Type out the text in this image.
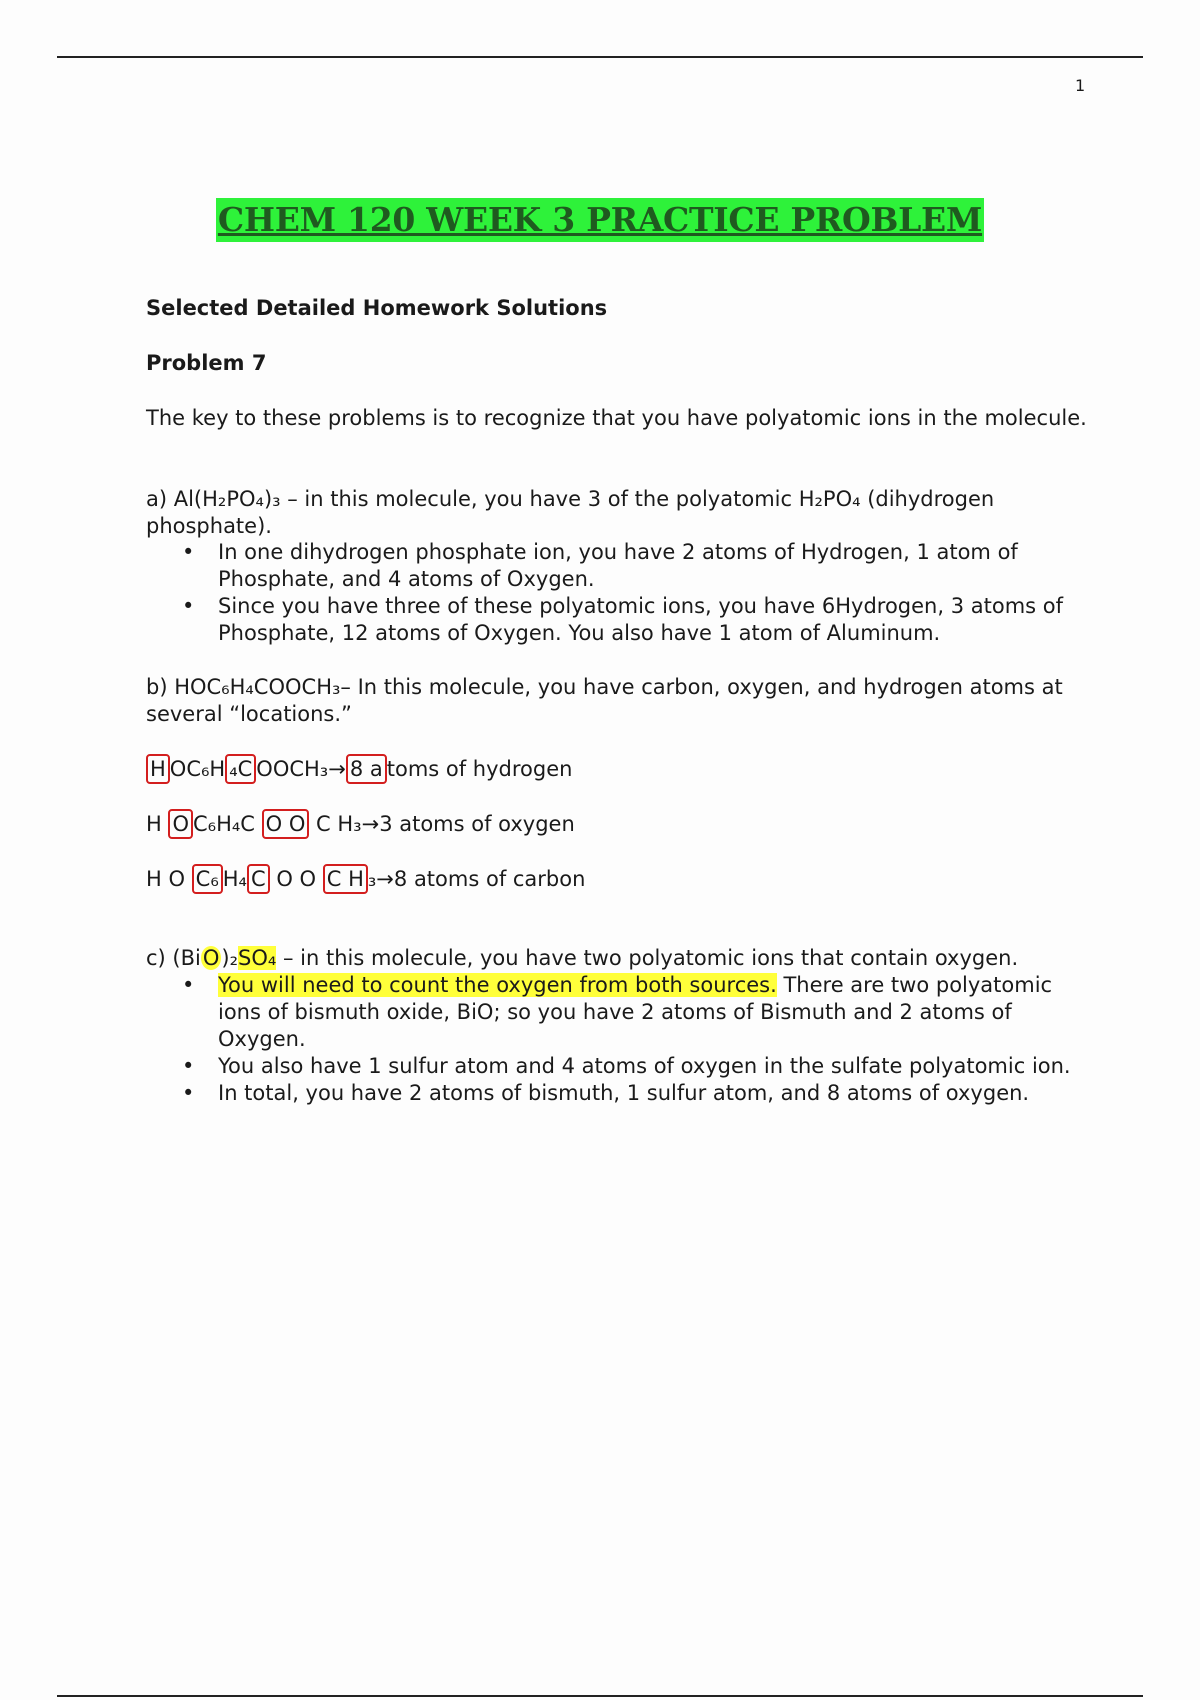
1
CHEM 120 WEEK 3 PRACTICE PROBLEM
Selected Detailed Homework Solutions
Problem 7
The key to these problems is to recognize that you have polyatomic ions in the molecule.
a) Al(H₂PO₄)₃ – in this molecule, you have 3 of the polyatomic H₂PO₄ (dihydrogen phosphate).
• In one dihydrogen phosphate ion, you have 2 atoms of Hydrogen, 1 atom of Phosphate, and 4 atoms of Oxygen.
• Since you have three of these polyatomic ions, you have 6Hydrogen, 3 atoms of Phosphate, 12 atoms of Oxygen. You also have 1 atom of Aluminum.
b) HOC₆H₄COOCH₃– In this molecule, you have carbon, oxygen, and hydrogen atoms at several “locations.”
H OC₆H ₄C OOCH₃→ 8 a toms of hydrogen
H O C₆H₄C O O C H₃→3 atoms of oxygen
H O C₆ H₄ C O O C H ₃→8 atoms of carbon
c) (BiO)₂SO₄ – in this molecule, you have two polyatomic ions that contain oxygen.
• You will need to count the oxygen from both sources. There are two polyatomic ions of bismuth oxide, BiO; so you have 2 atoms of Bismuth and 2 atoms of Oxygen.
• You also have 1 sulfur atom and 4 atoms of oxygen in the sulfate polyatomic ion.
• In total, you have 2 atoms of bismuth, 1 sulfur atom, and 8 atoms of oxygen.
